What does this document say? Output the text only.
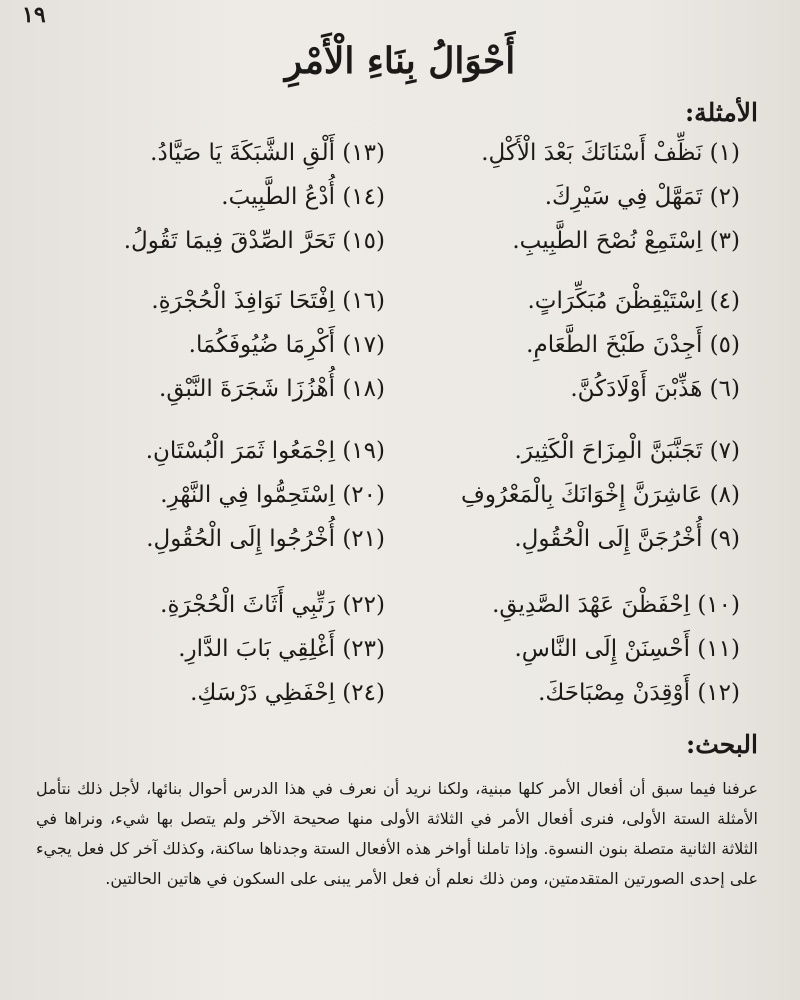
١٩
أَحْوَالُ بِنَاءِ الْأَمْرِ
الأمثلة:
(١) نَظِّفْ أَسْنَانَكَ بَعْدَ الْأَكْلِ.
(١٣) أَلْقِ الشَّبَكَةَ يَا صَيَّادُ.
(٢) تَمَهَّلْ فِي سَيْرِكَ.
(١٤) أُدْعُ الطَّبِيبَ.
(٣) اِسْتَمِعْ نُصْحَ الطَّبِيبِ.
(١٥) تَحَرَّ الصِّدْقَ فِيمَا تَقُولُ.
(٤) اِسْتَيْقِظْنَ مُبَكِّرَاتٍ.
(١٦) اِفْتَحَا نَوَافِذَ الْحُجْرَةِ.
(٥) أَجِدْنَ طَبْخَ الطَّعَامِ.
(١٧) أَكْرِمَا ضُيُوفَكُمَا.
(٦) هَذِّبْنَ أَوْلَادَكُنَّ.
(١٨) أُهْزُزَا شَجَرَةَ النَّبْقِ.
(٧) تَجَنَّبَنَّ الْمِزَاحَ الْكَثِيرَ.
(١٩) اِجْمَعُوا ثَمَرَ الْبُسْتَانِ.
(٨) عَاشِرَنَّ إِخْوَانَكَ بِالْمَعْرُوفِ
(٢٠) اِسْتَحِمُّوا فِي النَّهْرِ.
(٩) أُخْرُجَنَّ إِلَى الْحُقُولِ.
(٢١) أُخْرُجُوا إِلَى الْحُقُولِ.
(١٠) اِحْفَظْنَ عَهْدَ الصَّدِيقِ.
(٢٢) رَتِّبِي أَثَاثَ الْحُجْرَةِ.
(١١) أَحْسِنَنْ إِلَى النَّاسِ.
(٢٣) أَغْلِقِي بَابَ الدَّارِ.
(١٢) أَوْقِدَنْ مِصْبَاحَكَ.
(٢٤) اِحْفَظِي دَرْسَكِ.
البحث:
عرفنا فيما سبق أن أفعال الأمر كلها مبنية، ولكنا نريد أن نعرف في هذا الدرس أحوال بنائها، لأجل ذلك نتأمل الأمثلة الستة الأولى، فنرى أفعال الأمر في الثلاثة الأولى منها صحيحة الآخر ولم يتصل بها شيء، ونراها في الثلاثة الثانية متصلة بنون النسوة. وإذا تاملنا أواخر هذه الأفعال الستة وجدناها ساكنة، وكذلك آخر كل فعل يجيء على إحدى الصورتين المتقدمتين، ومن ذلك نعلم أن فعل الأمر يبنى على السكون في هاتين الحالتين.
